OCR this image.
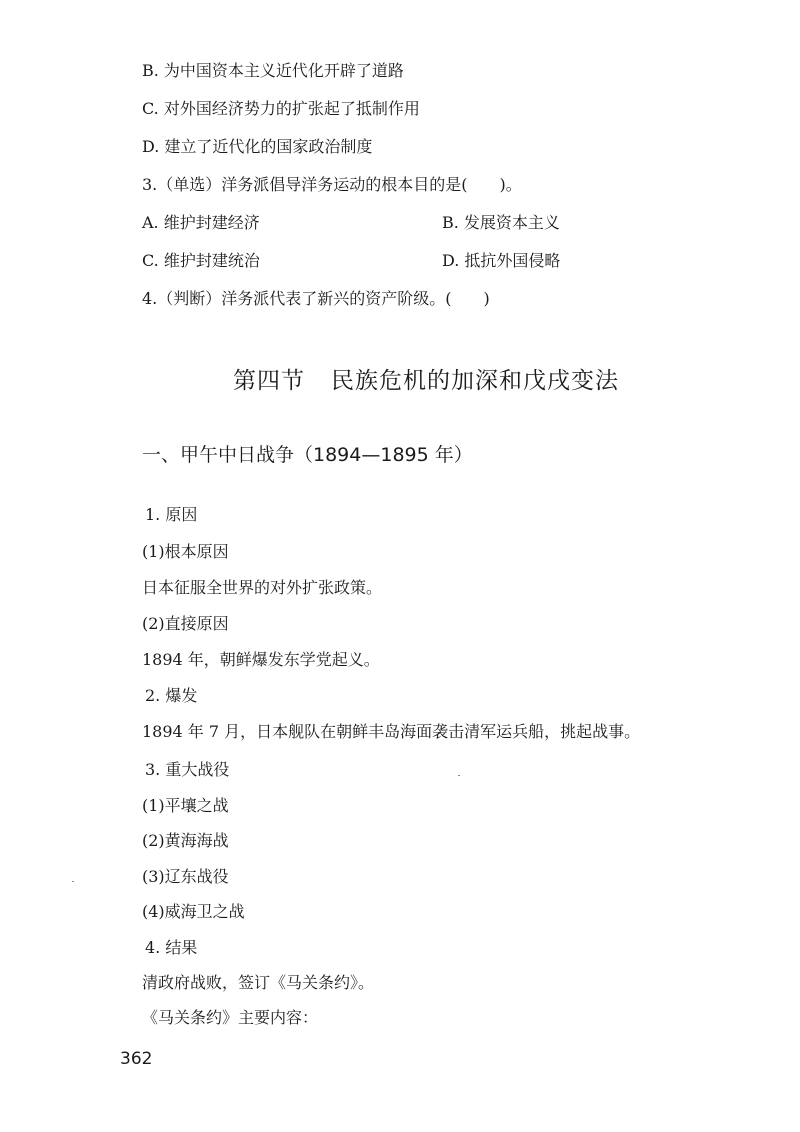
B. 为中国资本主义近代化开辟了道路
C. 对外国经济势力的扩张起了抵制作用
D. 建立了近代化的国家政治制度
3.（单选）洋务派倡导洋务运动的根本目的是(　　)。
A. 维护封建经济	B. 发展资本主义
C. 维护封建统治	D. 抵抗外国侵略
4.（判断）洋务派代表了新兴的资产阶级。(　　)
第四节 民族危机的加深和戊戌变法
一、甲午中日战争（1894—1895 年）
1. 原因
(1)根本原因
日本征服全世界的对外扩张政策。
(2)直接原因
1894 年，朝鲜爆发东学党起义。
2. 爆发
1894 年 7 月，日本舰队在朝鲜丰岛海面袭击清军运兵船，挑起战事。
3. 重大战役
(1)平壤之战
(2)黄海海战
(3)辽东战役
(4)威海卫之战
4. 结果
清政府战败，签订《马关条约》。
《马关条约》主要内容：
362
